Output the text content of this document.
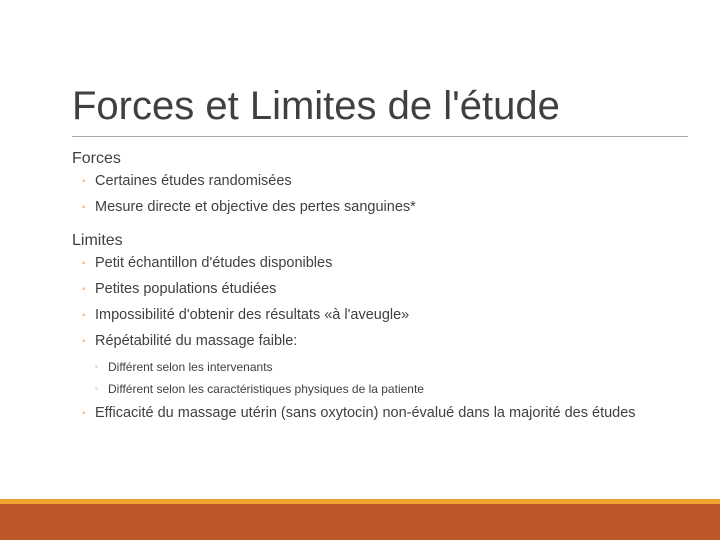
Forces et Limites de l'étude

Forces

◦ Certaines études randomisées
◦ Mesure directe et objective des pertes sanguines*

Limites

◦ Petit échantillon d'études disponibles
◦ Petites populations étudiées
◦ Impossibilité d'obtenir des résultats «à l'aveugle»
◦ Répétabilité du massage faible:
◦ Différent selon les intervenants
◦ Différent selon les caractéristiques physiques de la patiente
◦ Efficacité du massage utérin (sans oxytocin) non-évalué dans la majorité des études
